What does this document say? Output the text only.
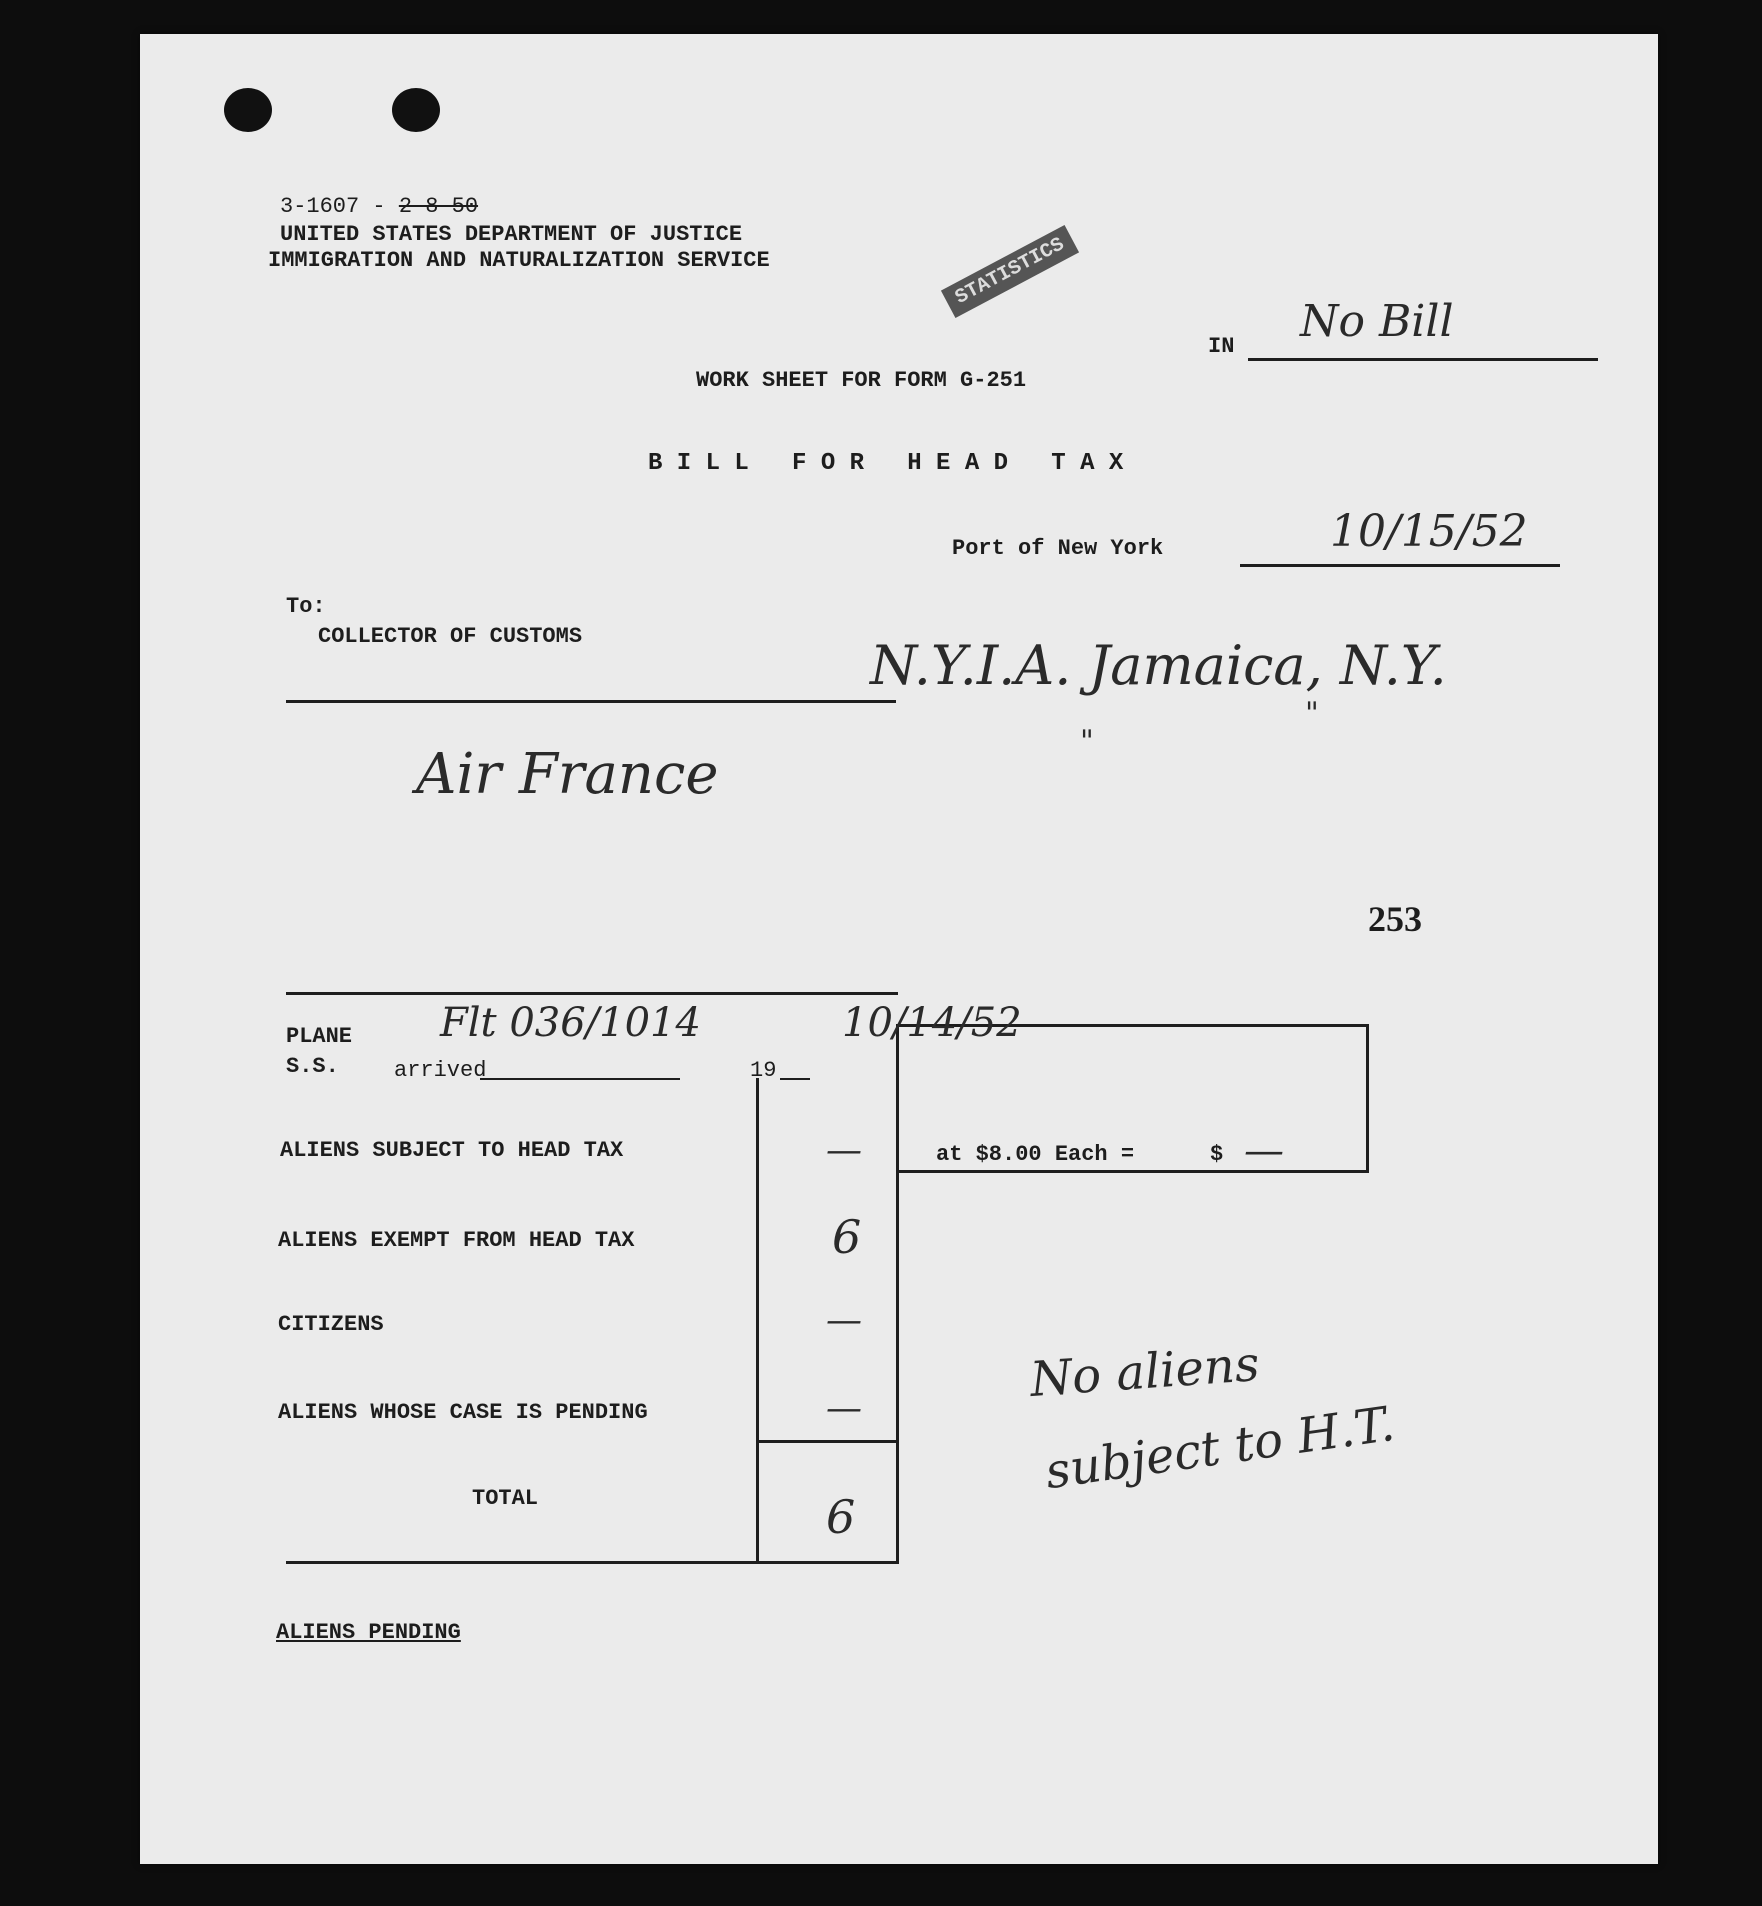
3-1607 - 2-8-50
UNITED STATES DEPARTMENT OF JUSTICE
IMMIGRATION AND NATURALIZATION SERVICE	STATISTICS
IN No Bill
WORK SHEET FOR FORM G-251
B I L L   F O R   H E A D   T A X
Port of New York	10/15/52
To:
COLLECTOR OF CUSTOMS	N.Y.I.A. Jamaica, N.Y.
"
"
Air France
253
PLANE
S.S.	arrived	19
Flt 036/1014	10/14/52
ALIENS SUBJECT TO HEAD TAX	—
ALIENS EXEMPT FROM HEAD TAX	6
CITIZENS	—
ALIENS WHOSE CASE IS PENDING	—
TOTAL	6
at $8.00 Each =	$ —
No aliens
subject to H.T.
ALIENS PENDING
